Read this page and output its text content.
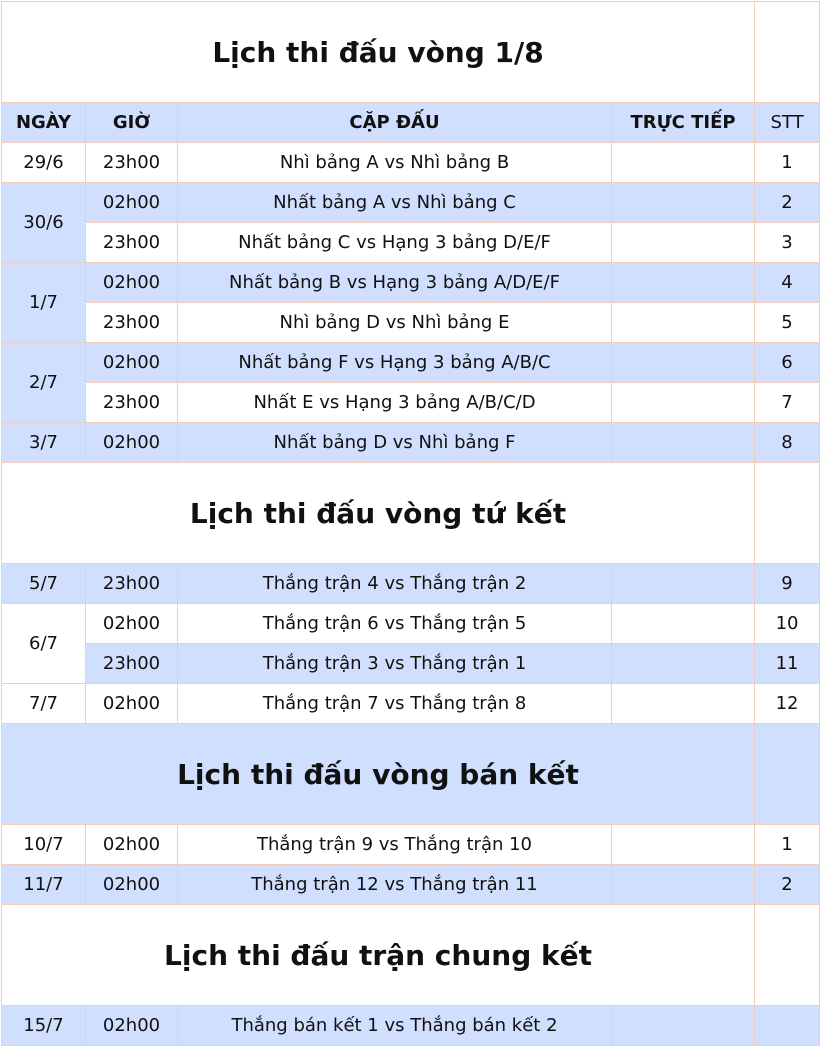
Lịch thi đấu vòng 1/8				
NGÀY	GIỜ	CẶP ĐẤU	TRỰC TIẾP	STT
29/6	23h00	Nhì bảng A vs Nhì bảng B		1
30/6	02h00	Nhất bảng A vs Nhì bảng C		2
	23h00	Nhất bảng C vs Hạng 3 bảng D/E/F		3
1/7	02h00	Nhất bảng B vs Hạng 3 bảng A/D/E/F		4
	23h00	Nhì bảng D vs Nhì bảng E		5
2/7	02h00	Nhất bảng F vs Hạng 3 bảng A/B/C		6
	23h00	Nhất E vs Hạng 3 bảng A/B/C/D		7
3/7	02h00	Nhất bảng D vs Nhì bảng F		8
Lịch thi đấu vòng tứ kết				
5/7	23h00	Thắng trận 4 vs Thắng trận 2		9
6/7	02h00	Thắng trận 6 vs Thắng trận 5		10
	23h00	Thắng trận 3 vs Thắng trận 1		11
7/7	02h00	Thắng trận 7 vs Thắng trận 8		12
Lịch thi đấu vòng bán kết				
10/7	02h00	Thắng trận 9 vs Thắng trận 10		1
11/7	02h00	Thắng trận 12 vs Thắng trận 11		2
Lịch thi đấu trận chung kết				
15/7	02h00	Thắng bán kết 1 vs Thắng bán kết 2		
